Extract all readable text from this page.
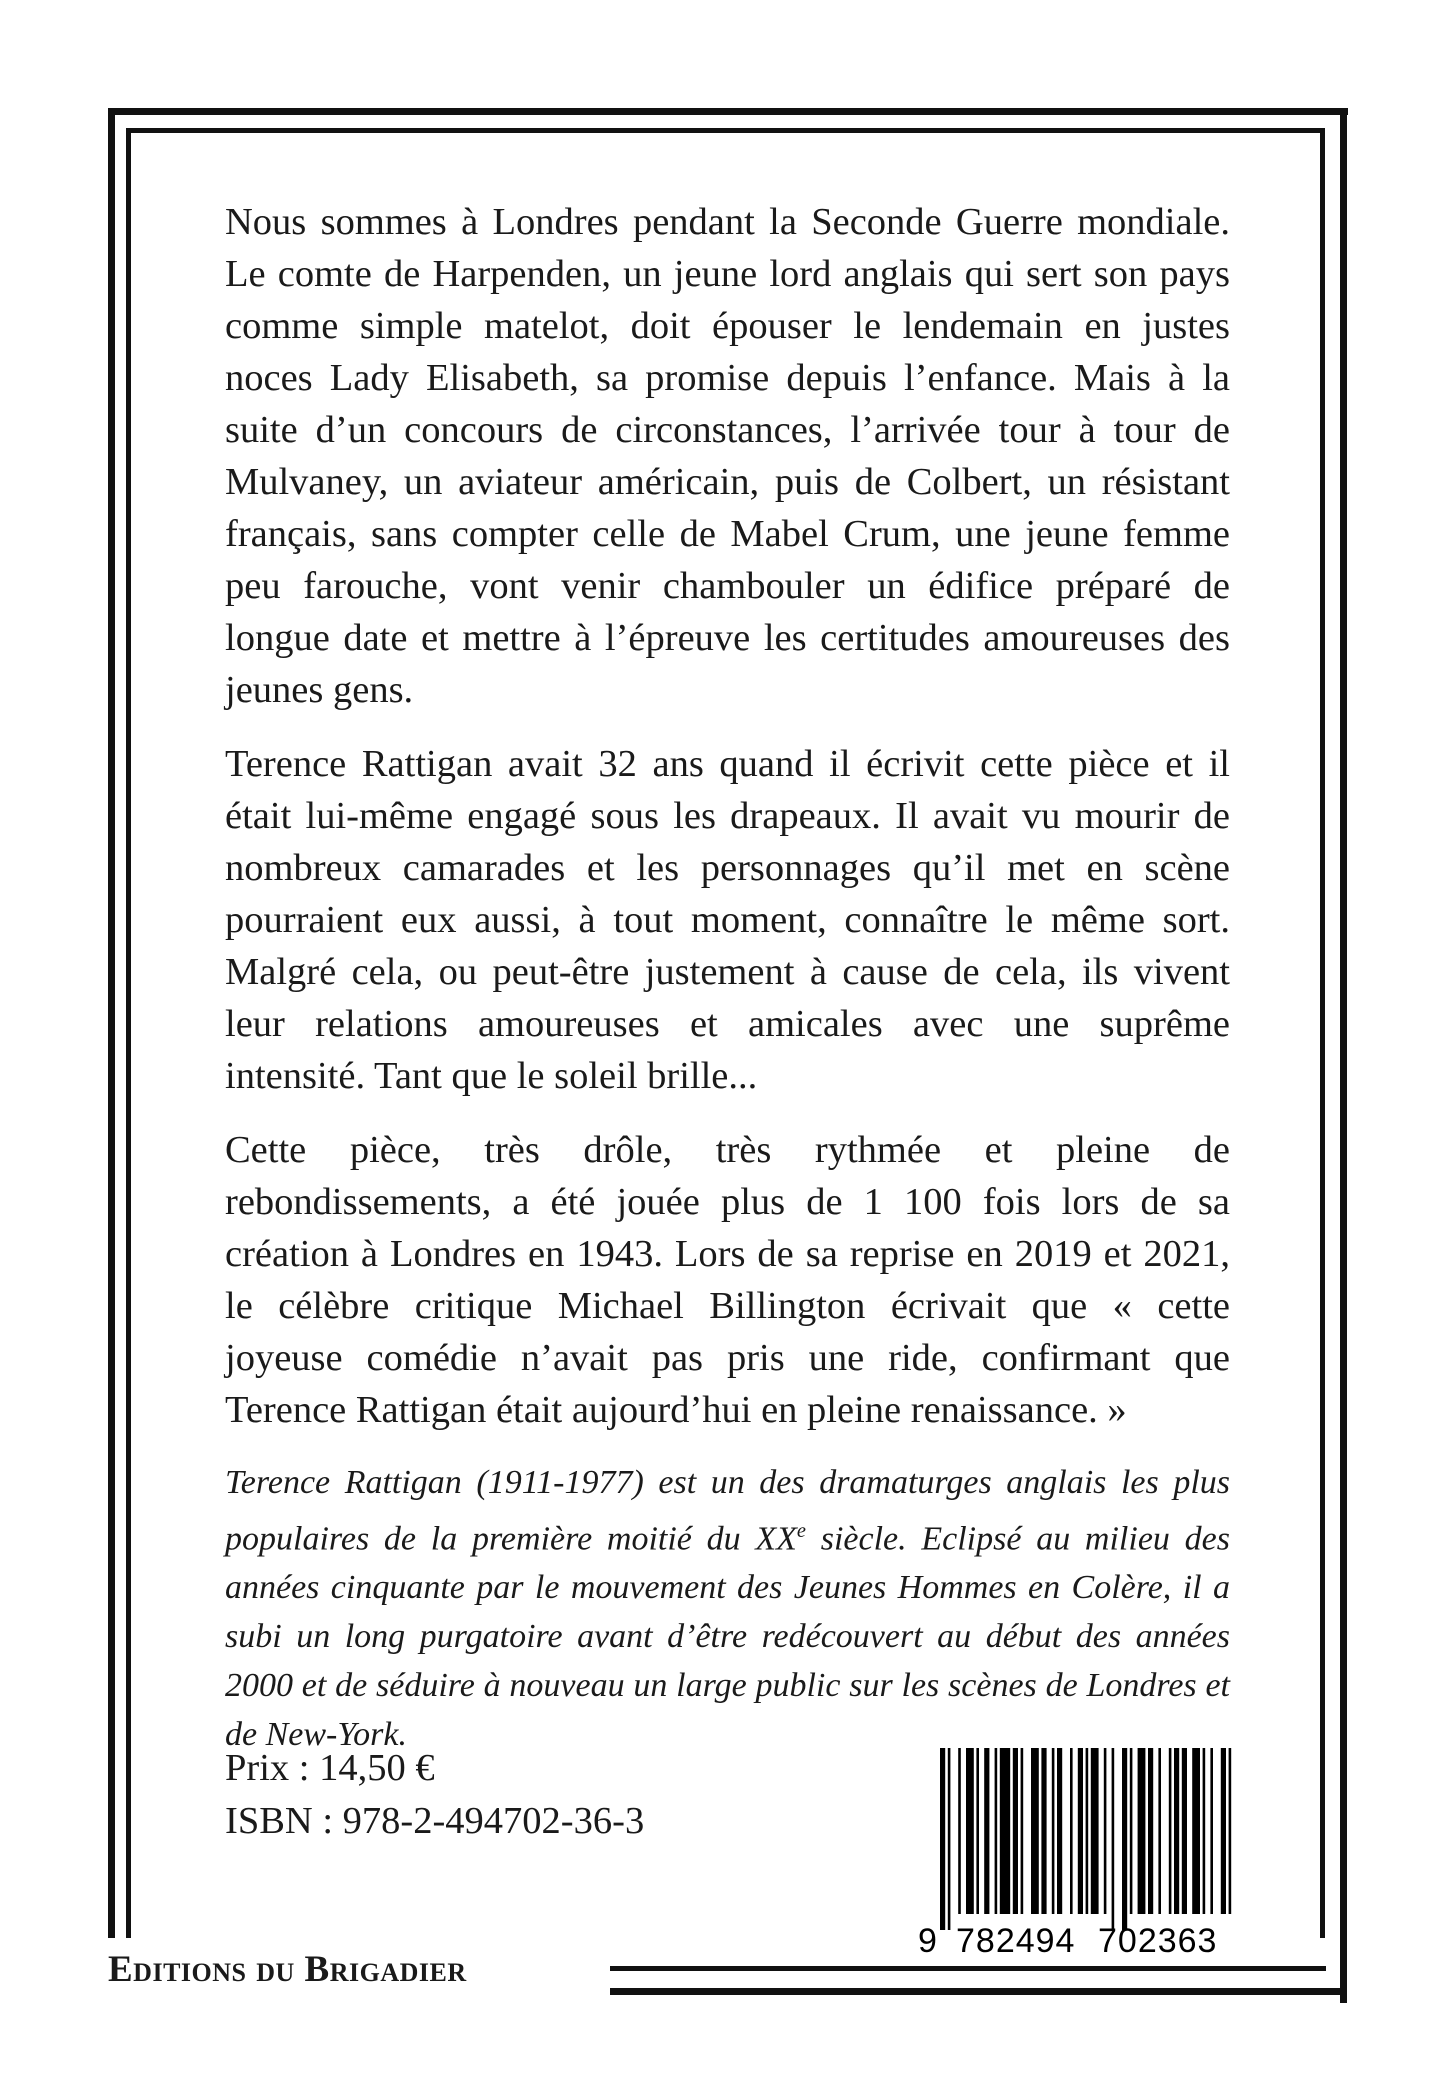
Nous sommes à Londres pendant la Seconde Guerre mondiale. Le comte de Harpenden, un jeune lord anglais qui sert son pays comme simple matelot, doit épouser le lendemain en justes noces Lady Elisabeth, sa promise depuis l’enfance. Mais à la suite d’un concours de circonstances, l’arrivée tour à tour de Mulvaney, un aviateur américain, puis de Colbert, un résistant français, sans compter celle de Mabel Crum, une jeune femme peu farouche, vont venir chambouler un édifice préparé de longue date et mettre à l’épreuve les certitudes amoureuses des jeunes gens.

Terence Rattigan avait 32 ans quand il écrivit cette pièce et il était lui-même engagé sous les drapeaux. Il avait vu mourir de nombreux camarades et les personnages qu’il met en scène pourraient eux aussi, à tout moment, connaître le même sort. Malgré cela, ou peut-être justement à cause de cela, ils vivent leur relations amoureuses et amicales avec une suprême intensité. Tant que le soleil brille...

Cette pièce, très drôle, très rythmée et pleine de rebondissements, a été jouée plus de 1 100 fois lors de sa création à Londres en 1943. Lors de sa reprise en 2019 et 2021, le célèbre critique Michael Billington écrivait que « cette joyeuse comédie n’avait pas pris une ride, confirmant que Terence Rattigan était aujourd’hui en pleine renaissance. »

Terence Rattigan (1911-1977) est un des dramaturges anglais les plus populaires de la première moitié du XXe siècle. Eclipsé au milieu des années cinquante par le mouvement des Jeunes Hommes en Colère, il a subi un long purgatoire avant d’être redécouvert au début des années 2000 et de séduire à nouveau un large public sur les scènes de Londres et de New-York.

Prix : 14,50 €
ISBN : 978-2-494702-36-3
9 782494 702363
Editions du Brigadier
